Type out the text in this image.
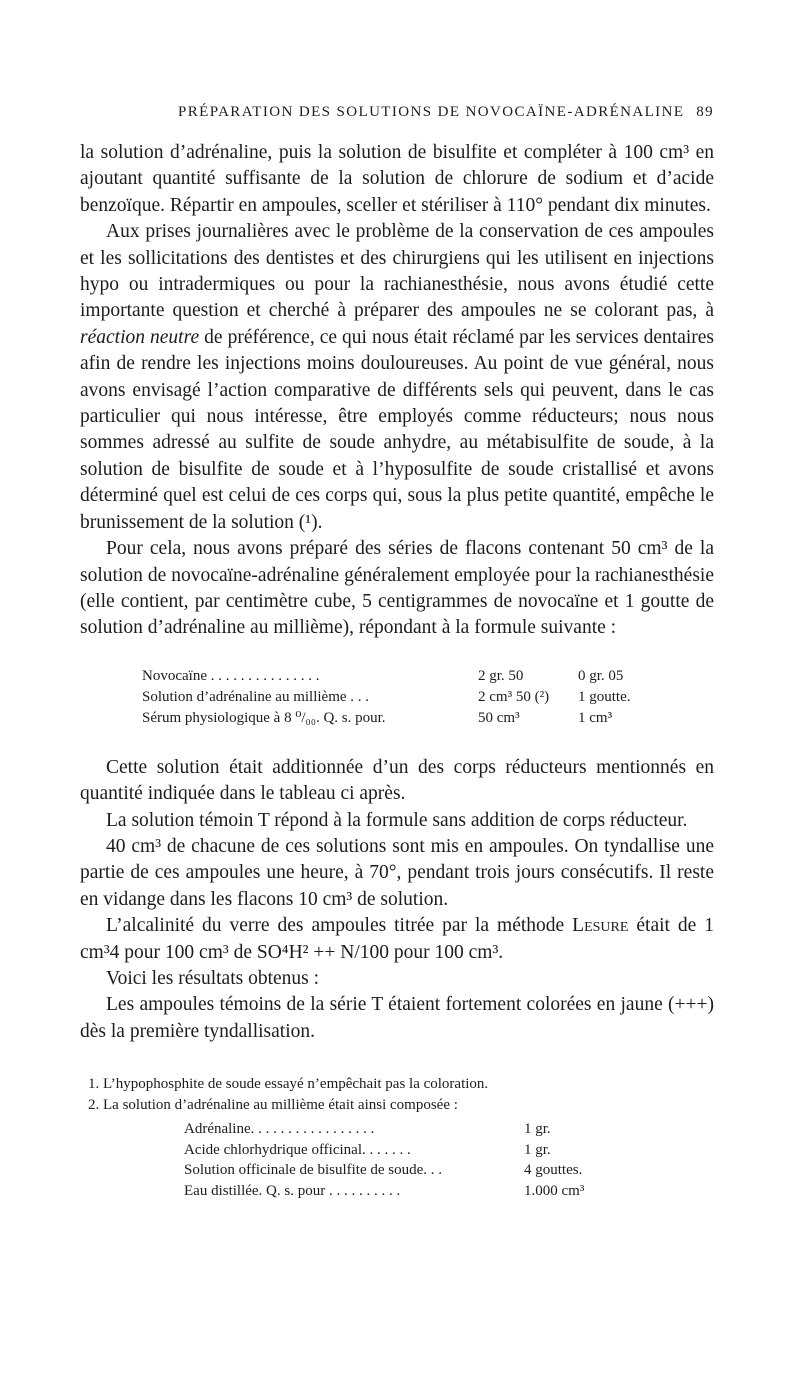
PRÉPARATION DES SOLUTIONS DE NOVOCAÏNE-ADRÉNALINE 89

la solution d’adrénaline, puis la solution de bisulfite et compléter à 100 cm³ en ajoutant quantité suffisante de la solution de chlorure de sodium et d’acide benzoïque. Répartir en ampoules, sceller et stériliser à 110° pendant dix minutes.

Aux prises journalières avec le problème de la conservation de ces ampoules et les sollicitations des dentistes et des chirurgiens qui les utilisent en injections hypo ou intradermiques ou pour la rachianesthésie, nous avons étudié cette importante question et cherché à préparer des ampoules ne se colorant pas, à réaction neutre de préférence, ce qui nous était réclamé par les services dentaires afin de rendre les injections moins douloureuses. Au point de vue général, nous avons envisagé l’action comparative de différents sels qui peuvent, dans le cas particulier qui nous intéresse, être employés comme réducteurs; nous nous sommes adressé au sulfite de soude anhydre, au métabisulfite de soude, à la solution de bisulfite de soude et à l’hyposulfite de soude cristallisé et avons déterminé quel est celui de ces corps qui, sous la plus petite quantité, empêche le brunissement de la solution (¹).

Pour cela, nous avons préparé des séries de flacons contenant 50 cm³ de la solution de novocaïne-adrénaline généralement employée pour la rachianesthésie (elle contient, par centimètre cube, 5 centigrammes de novocaïne et 1 goutte de solution d’adrénaline au millième), répondant à la formule suivante :

Novocaïne . . . . . . . . . . . . . . .	2 gr. 50	0 gr. 05
Solution d’adrénaline au millième . . .	2 cm³ 50 (²)	1 goutte.
Sérum physiologique à 8 ⁰/₀₀. Q. s. pour.	50 cm³	1 cm³

Cette solution était additionnée d’un des corps réducteurs mentionnés en quantité indiquée dans le tableau ci après.

La solution témoin T répond à la formule sans addition de corps réducteur.

40 cm³ de chacune de ces solutions sont mis en ampoules. On tyndallise une partie de ces ampoules une heure, à 70°, pendant trois jours consécutifs. Il reste en vidange dans les flacons 10 cm³ de solution.

L’alcalinité du verre des ampoules titrée par la méthode Lesure était de 1 cm³4 pour 100 cm³ de SO⁴H² ++ N/100 pour 100 cm³.

Voici les résultats obtenus :

Les ampoules témoins de la série T étaient fortement colorées en jaune (+++) dès la première tyndallisation.

1. L’hypophosphite de soude essayé n’empêchait pas la coloration.

2. La solution d’adrénaline au millième était ainsi composée :

Adrénaline. . . . . . . . . . . . . . . . .	1 gr.
Acide chlorhydrique officinal. . . . . . .	1 gr.
Solution officinale de bisulfite de soude. . .	4 gouttes.
Eau distillée. Q. s. pour . . . . . . . . . .	1.000 cm³
